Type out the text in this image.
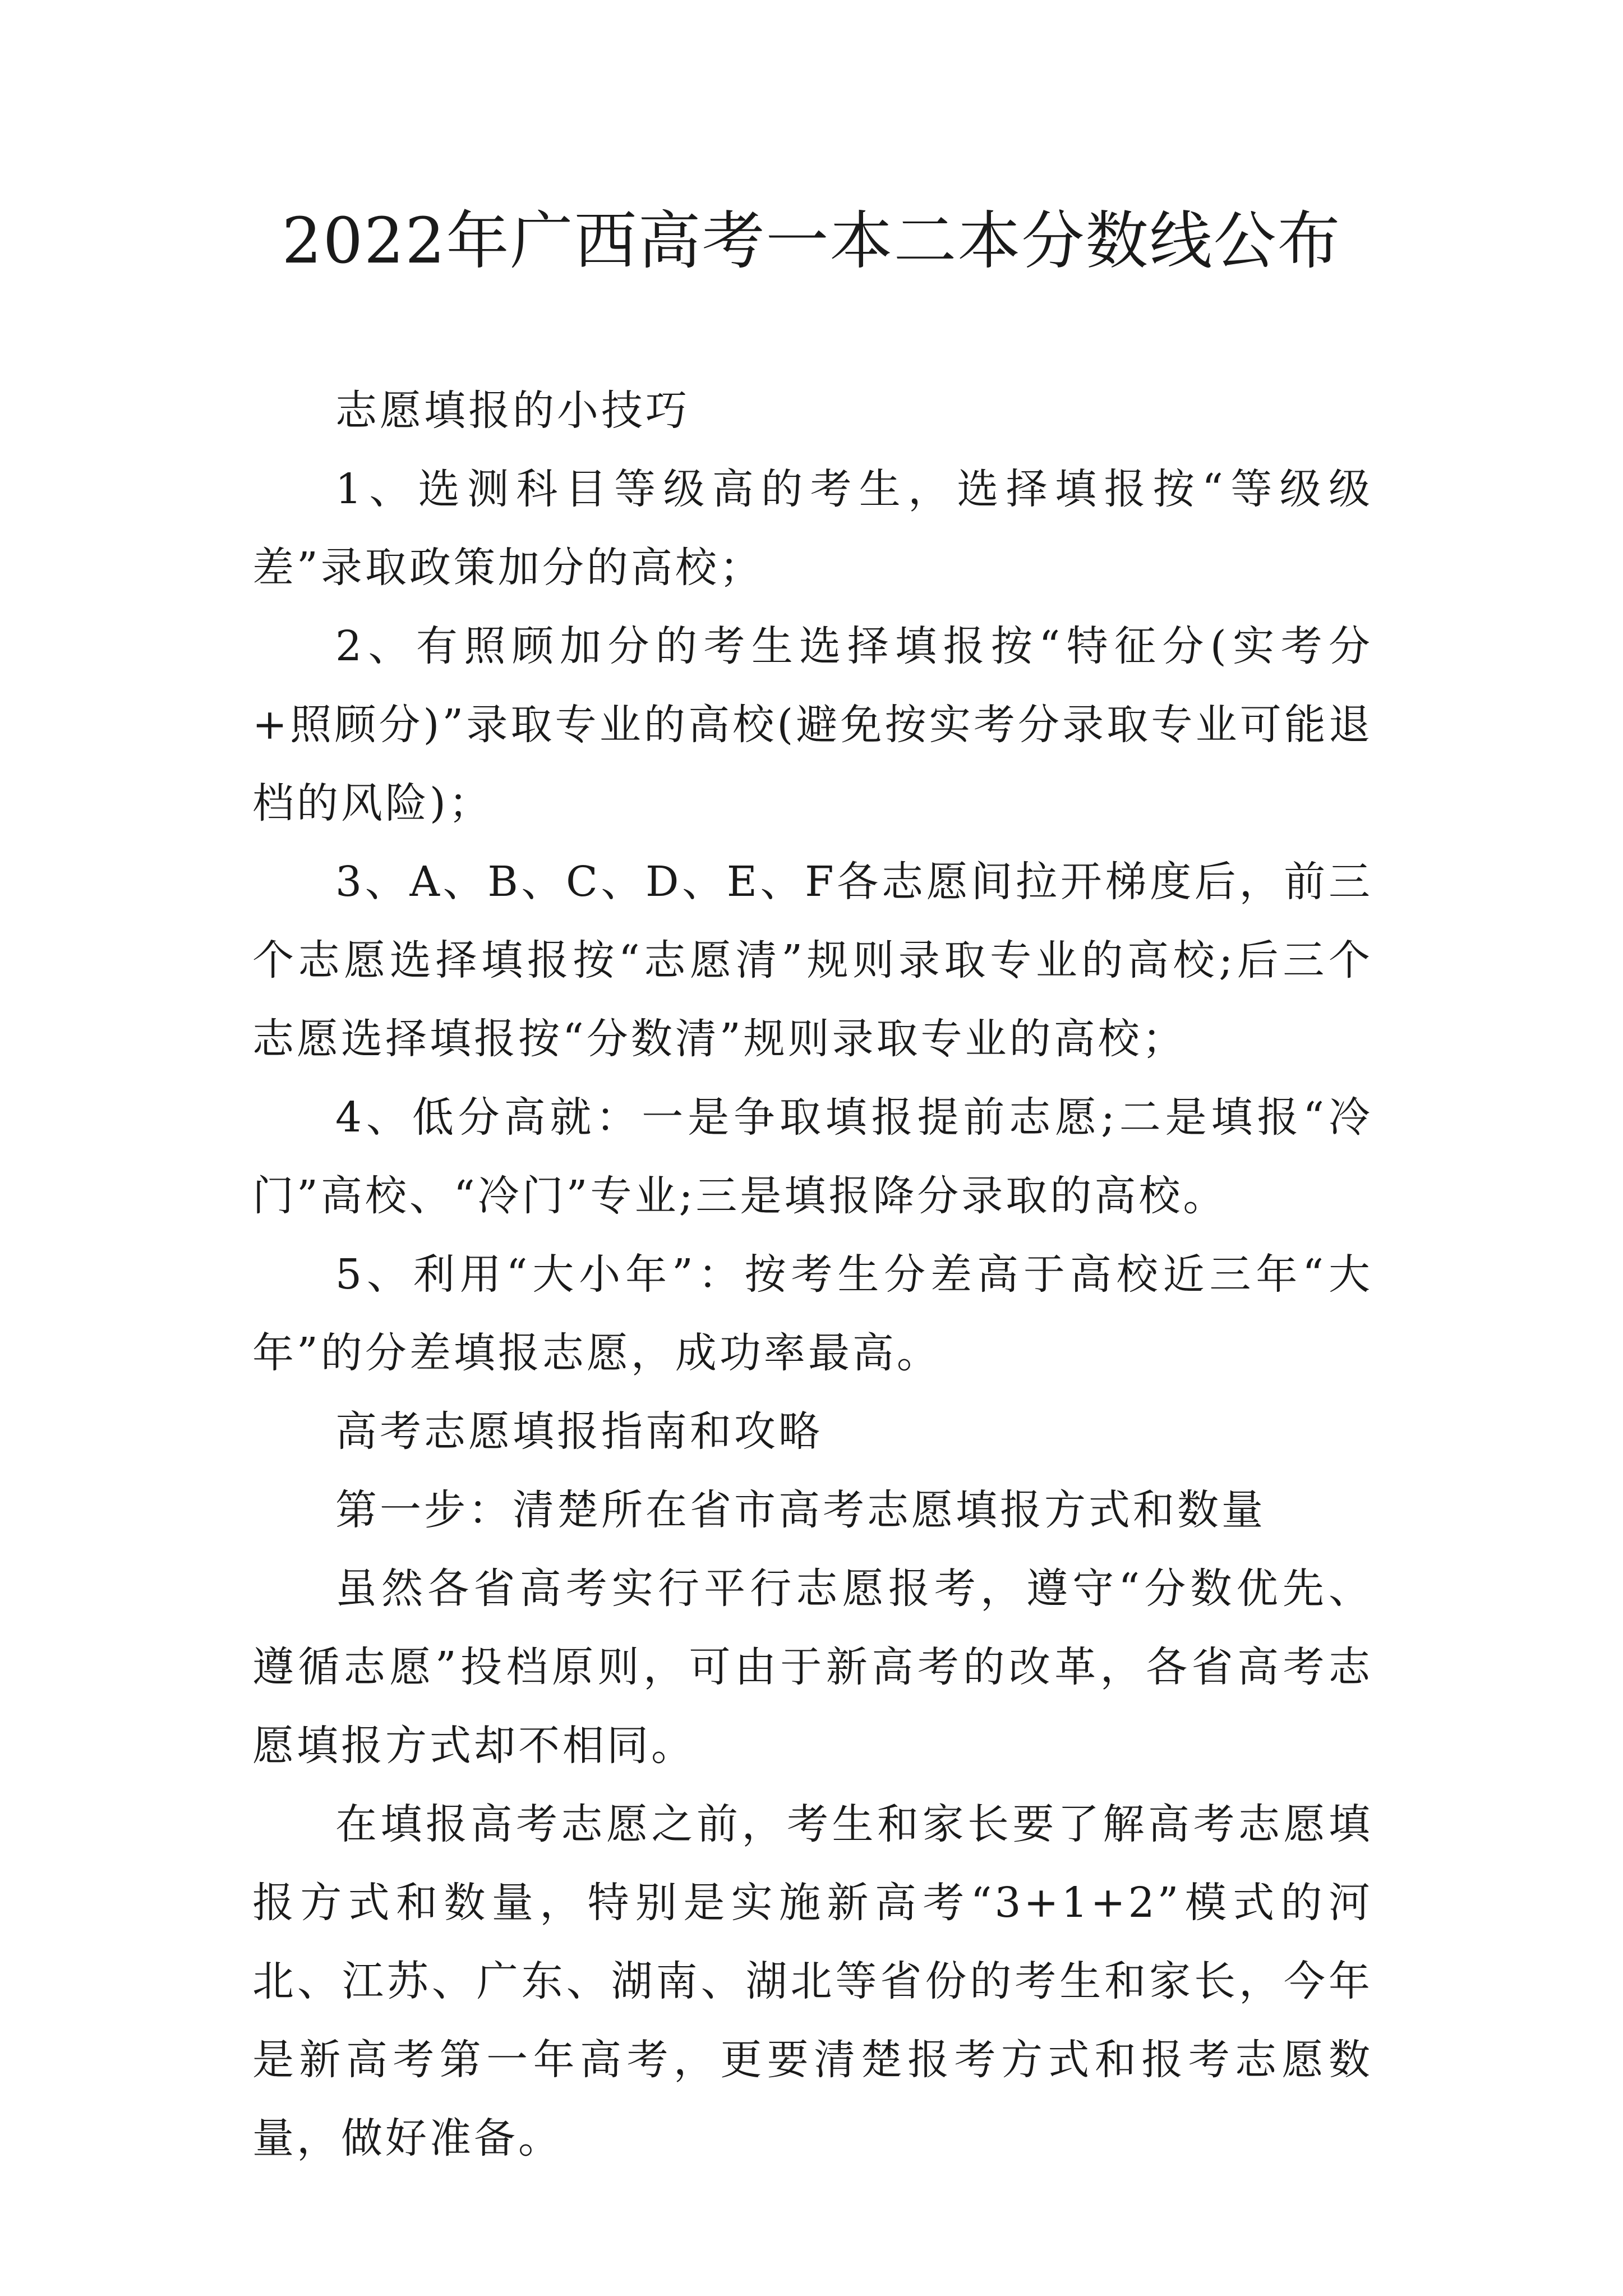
2022年广西高考一本二本分数线公布

志愿填报的小技巧

1、选测科目等级高的考生，选择填报按“等级级差”录取政策加分的高校；

2、有照顾加分的考生选择填报按“特征分(实考分+照顾分)”录取专业的高校(避免按实考分录取专业可能退档的风险)；

3、A、B、C、D、E、F各志愿间拉开梯度后，前三个志愿选择填报按“志愿清”规则录取专业的高校;后三个志愿选择填报按“分数清”规则录取专业的高校；

4、低分高就：一是争取填报提前志愿;二是填报“冷门”高校、“冷门”专业;三是填报降分录取的高校。

5、利用“大小年”：按考生分差高于高校近三年“大年”的分差填报志愿，成功率最高。

高考志愿填报指南和攻略

第一步：清楚所在省市高考志愿填报方式和数量

虽然各省高考实行平行志愿报考，遵守“分数优先、遵循志愿”投档原则，可由于新高考的改革，各省高考志愿填报方式却不相同。

在填报高考志愿之前，考生和家长要了解高考志愿填报方式和数量，特别是实施新高考“3+1+2”模式的河北、江苏、广东、湖南、湖北等省份的考生和家长，今年是新高考第一年高考，更要清楚报考方式和报考志愿数量，做好准备。
